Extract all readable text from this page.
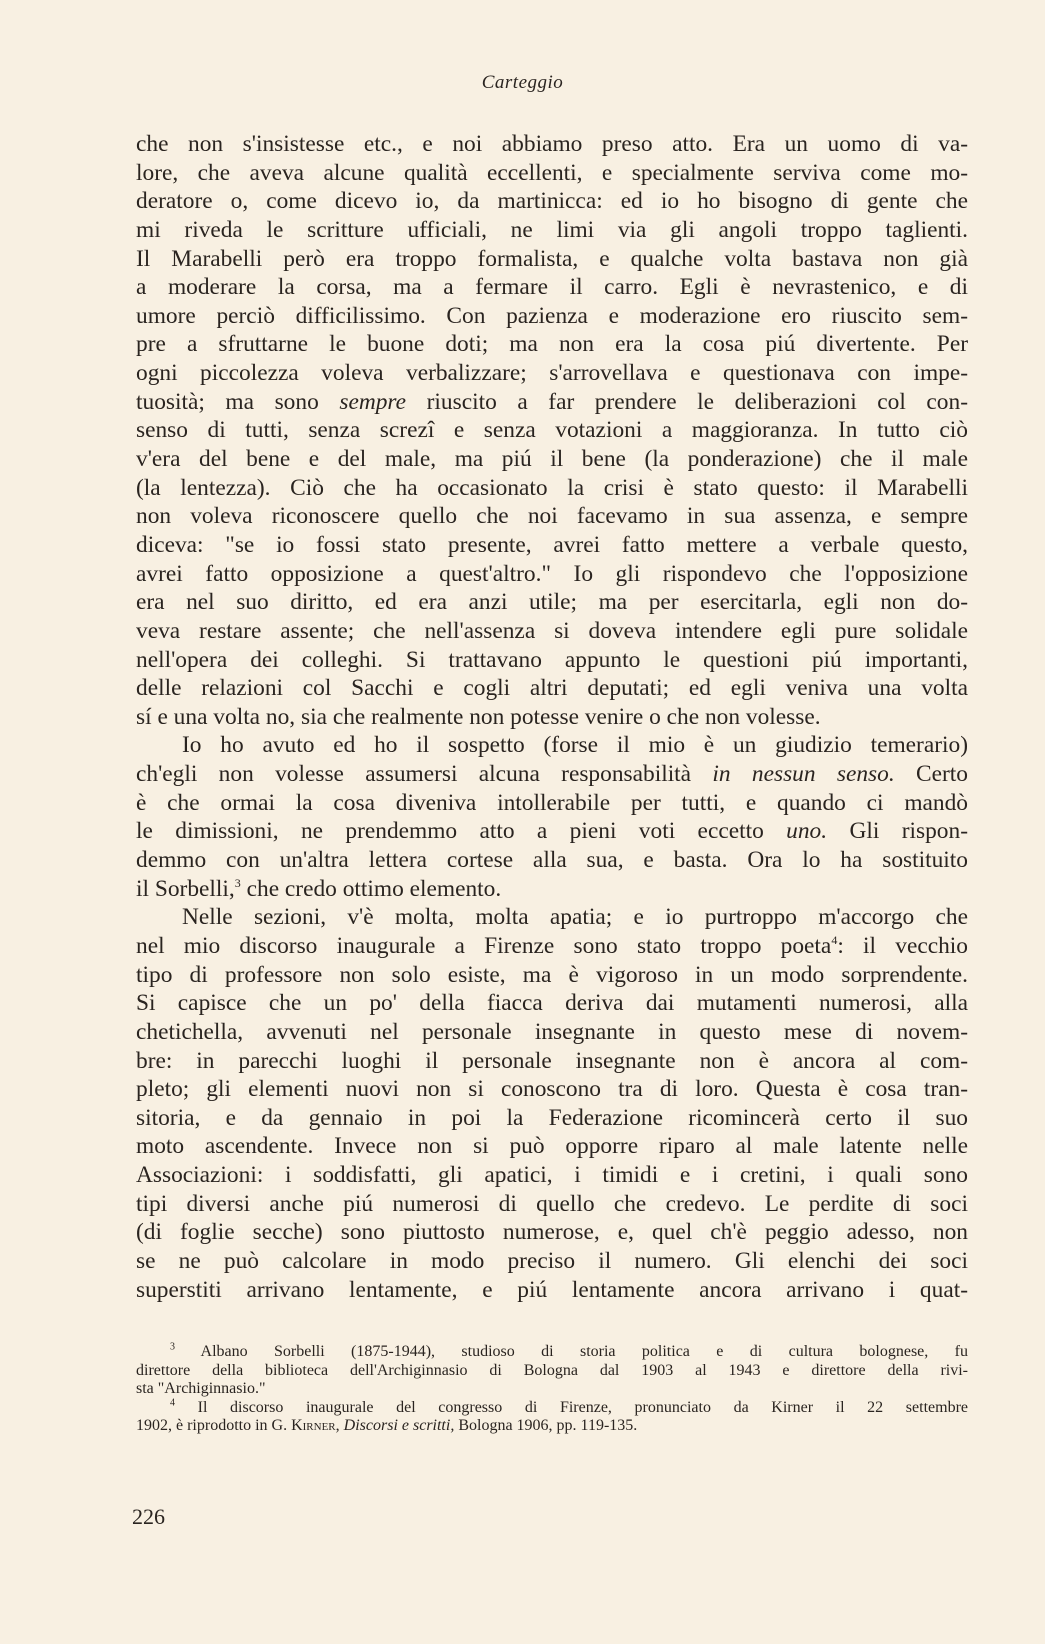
Carteggio
che non s'insistesse etc., e noi abbiamo preso atto. Era un uomo di va-
lore, che aveva alcune qualità eccellenti, e specialmente serviva come mo-
deratore o, come dicevo io, da martinicca: ed io ho bisogno di gente che
mi riveda le scritture ufficiali, ne limi via gli angoli troppo taglienti.
Il Marabelli però era troppo formalista, e qualche volta bastava non già
a moderare la corsa, ma a fermare il carro. Egli è nevrastenico, e di
umore perciò difficilissimo. Con pazienza e moderazione ero riuscito sem-
pre a sfruttarne le buone doti; ma non era la cosa piú divertente. Per
ogni piccolezza voleva verbalizzare; s'arrovellava e questionava con impe-
tuosità; ma sono sempre riuscito a far prendere le deliberazioni col con-
senso di tutti, senza screzî e senza votazioni a maggioranza. In tutto ciò
v'era del bene e del male, ma piú il bene (la ponderazione) che il male
(la lentezza). Ciò che ha occasionato la crisi è stato questo: il Marabelli
non voleva riconoscere quello che noi facevamo in sua assenza, e sempre
diceva: "se io fossi stato presente, avrei fatto mettere a verbale questo,
avrei fatto opposizione a quest'altro." Io gli rispondevo che l'opposizione
era nel suo diritto, ed era anzi utile; ma per esercitarla, egli non do-
veva restare assente; che nell'assenza si doveva intendere egli pure solidale
nell'opera dei colleghi. Si trattavano appunto le questioni piú importanti,
delle relazioni col Sacchi e cogli altri deputati; ed egli veniva una volta
sí e una volta no, sia che realmente non potesse venire o che non volesse.
Io ho avuto ed ho il sospetto (forse il mio è un giudizio temerario)
ch'egli non volesse assumersi alcuna responsabilità in nessun senso. Certo
è che ormai la cosa diveniva intollerabile per tutti, e quando ci mandò
le dimissioni, ne prendemmo atto a pieni voti eccetto uno. Gli rispon-
demmo con un'altra lettera cortese alla sua, e basta. Ora lo ha sostituito
il Sorbelli,$^3$ che credo ottimo elemento.
Nelle sezioni, v'è molta, molta apatia; e io purtroppo m'accorgo che
nel mio discorso inaugurale a Firenze sono stato troppo poeta$^4$: il vecchio
tipo di professore non solo esiste, ma è vigoroso in un modo sorprendente.
Si capisce che un po' della fiacca deriva dai mutamenti numerosi, alla
chetichella, avvenuti nel personale insegnante in questo mese di novem-
bre: in parecchi luoghi il personale insegnante non è ancora al com-
pleto; gli elementi nuovi non si conoscono tra di loro. Questa è cosa tran-
sitoria, e da gennaio in poi la Federazione ricomincerà certo il suo
moto ascendente. Invece non si può opporre riparo al male latente nelle
Associazioni: i soddisfatti, gli apatici, i timidi e i cretini, i quali sono
tipi diversi anche piú numerosi di quello che credevo. Le perdite di soci
(di foglie secche) sono piuttosto numerose, e, quel ch'è peggio adesso, non
se ne può calcolare in modo preciso il numero. Gli elenchi dei soci
superstiti arrivano lentamente, e piú lentamente ancora arrivano i quat-
$^3$ Albano Sorbelli (1875-1944), studioso di storia politica e di cultura bolognese, fu
direttore della biblioteca dell'Archiginnasio di Bologna dal 1903 al 1943 e direttore della rivi-
sta "Archiginnasio."
$^4$ Il discorso inaugurale del congresso di Firenze, pronunciato da Kirner il 22 settembre
1902, è riprodotto in G. Kirner, Discorsi e scritti, Bologna 1906, pp. 119-135.
226
